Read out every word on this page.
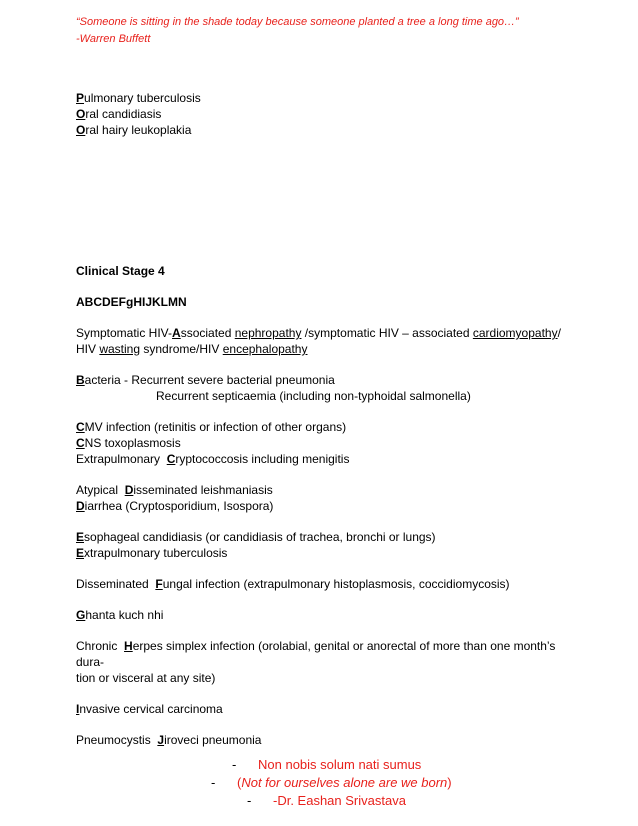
“Someone is sitting in the shade today because someone planted a tree a long time ago…”
-Warren Buffett
Pulmonary tuberculosis
Oral candidiasis
Oral hairy leukoplakia
Clinical Stage 4
ABCDEFgHIJKLMN
Symptomatic HIV-Associated nephropathy /symptomatic HIV – associated cardiomyopathy/
HIV wasting syndrome/HIV encephalopathy
Bacteria - Recurrent severe bacterial pneumonia
Recurrent septicaemia (including non-typhoidal salmonella)
CMV infection (retinitis or infection of other organs)
CNS toxoplasmosis
Extrapulmonary  Cryptococcosis including menigitis
Atypical  Disseminated leishmaniasis
Diarrhea (Cryptosporidium, Isospora)
Esophageal candidiasis (or candidiasis of trachea, bronchi or lungs)
Extrapulmonary tuberculosis
Disseminated  Fungal infection (extrapulmonary histoplasmosis, coccidiomycosis)
Ghanta kuch nhi
Chronic  Herpes simplex infection (orolabial, genital or anorectal of more than one month’s
dura-
tion or visceral at any site)
Invasive cervical carcinoma
Pneumocystis  Jiroveci pneumonia
- Non nobis solum nati sumus
- (Not for ourselves alone are we born)
- -Dr. Eashan Srivastava
